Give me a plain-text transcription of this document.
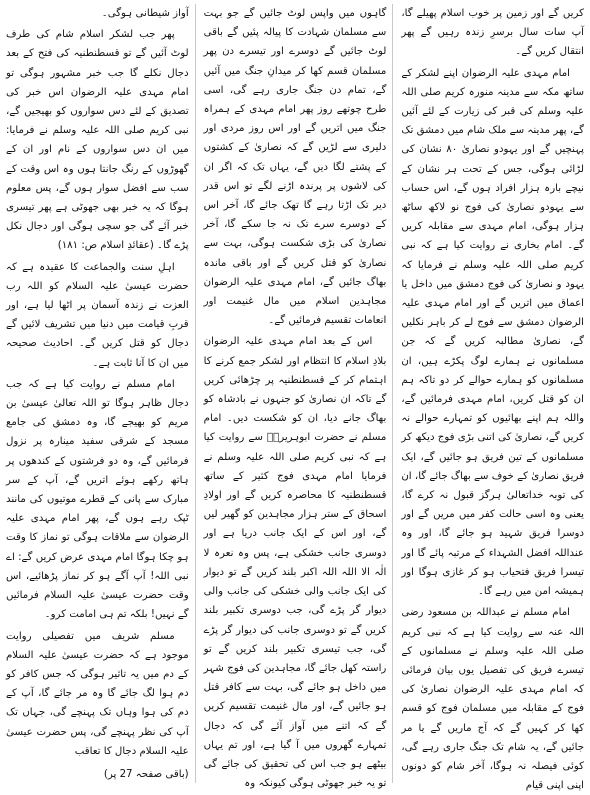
کریں گے اور زمین پر خوب اسلام پھیلے گا، آپ سات سال برسرِ زندہ رہیں گے پھر انتقال کریں گے۔

امام مہدی علیہ الرضوان اپنے لشکر کے ساتھ مکہ سے مدینہ منورہ کریم صلی اللہ علیہ وسلم کی قبر کی زیارت کے لئے آئیں گے، پھر مدینہ سے ملک شام میں دمشق تک پہنچیں گے اور یہودو نصاریٰ ۸۰ نشان کی لڑائی ہوگی، جس کے تحت ہر نشان کے نیچے بارہ ہزار افراد ہوں گے، اس حساب سے یہودو نصاریٰ کی فوج نو لاکھ ساٹھ ہزار ہوگی، امام مہدی سے مقابلہ کریں گے۔ امام بخاری نے روایت کیا ہے کہ نبی کریم صلی اللہ علیہ وسلم نے فرمایا کہ یہود و نصاریٰ کی فوج دمشق میں داخل یا اعماق میں اتریں گے اور امام مہدی علیہ الرضوان دمشق سے فوج لے کر باہر نکلیں گے، نصاریٰ مطالبہ کریں گے کہ جن مسلمانوں نے ہمارے لوگ پکڑے ہیں، ان مسلمانوں کو ہمارے حوالے کر دو تاکہ ہم ان کو قتل کریں، امام مہدی فرمائیں گے، واللہ ہم اپنے بھائیوں کو تمہارے حوالے نہ کریں گے، نصاریٰ کی اتنی بڑی فوج دیکھ کر مسلمانوں کے تین فریق ہو جائیں گے، ایک فریق نصاریٰ کے خوف سے بھاگ جائے گا، ان کی توبہ خداتعالیٰ ہرگز قبول نہ کرے گا، یعنی وہ اسی حالت کفر میں مریں گے اور دوسرا فریق شہید ہو جائے گا، اور وہ عنداللہ افضل الشہداء کے مرتبہ پائے گا اور تیسرا فریق فتحیاب ہو کر غازی ہوگا اور ہمیشہ امن میں رہے گا۔

امام مسلم نے عبداللہ بن مسعود رضی اللہ عنہ سے روایت کیا ہے کہ نبی کریم صلی اللہ علیہ وسلم نے مسلمانوں کے تیسرے فریق کی تفصیل یوں بیان فرمائی کہ امام مہدی علیہ الرضوان نصاریٰ کی فوج کے مقابلہ میں مسلمان فوج کو قسم کھا کر کہیں گے کہ آج ماریں گے یا مر جائیں گے، یہ شام تک جنگ جاری رہے گی، کوئی فیصلہ نہ ہوگا، آخر شام کو دونوں اپنی اپنی قیام

گاہوں میں واپس لوٹ جائیں گے جو بہت سے مسلمان شہادت کا پیالہ پئیں گے باقی لوٹ جائیں گے دوسرے اور تیسرے دن پھر مسلمان قسم کھا کر میدانِ جنگ میں آئیں گے، تمام دن جنگ جاری رہے گی، اسی طرح چوتھے روز پھر امام مہدی کے ہمراہ جنگ میں اتریں گے اور اس روز مردی اور دلیری سے لڑیں گے کہ نصاریٰ کے کشتوں کے پشتے لگا دیں گے، یہاں تک کہ اگر ان کی لاشوں پر پرندہ اڑنے لگے تو اس قدر دیر تک اڑتا رہے گا تھک جائے گا، آخر اس کے دوسرے سرے تک نہ جا سکے گا، آخر نصاریٰ کی بڑی شکست ہوگی، بہت سے نصاریٰ کو قتل کریں گے اور باقی ماندہ بھاگ جائیں گے، امام مہدی علیہ الرضوان مجاہدین اسلام میں مال غنیمت اور انعامات تقسیم فرمائیں گے۔

اس کے بعد امام مہدی علیہ الرضوان بلادِ اسلام کا انتظام اور لشکر جمع کرنے کا اہتمام کر کے قسطنطنیہ پر چڑھائی کریں گے تاکہ ان نصاریٰ کو جنہوں نے بادشاہ کو بھاگ جانے دیا، ان کو شکست دیں۔ امام مسلم نے حضرت ابوہریرہؓ سے روایت کیا ہے کہ نبی کریم صلی اللہ علیہ وسلم نے فرمایا امام مہدی فوج کثیر کے ساتھ قسطنطنیہ کا محاصرہ کریں گے اور اولادِ اسحاق کے ستر ہزار مجاہدین کو گھیر لیں گے، اور اس کے ایک جانب دریا ہے اور دوسری جانب خشکی ہے، پس وہ نعرہ لا الٰہ الا اللہ اللہ اکبر بلند کریں گے تو دیوار کی ایک جانب والی خشکی کی جانب والی دیوار گر پڑے گی، جب دوسری تکبیر بلند کریں گے تو دوسری جانب کی دیوار گر پڑے گی، جب تیسری تکبیر بلند کریں گے تو راستہ کھل جائے گا، مجاہدین کی فوج شہر میں داخل ہو جائے گی، بہت سے کافر قتل ہو جائیں گے، اور مال غنیمت تقسیم کریں گے کہ اتنے میں آواز آئے گی کہ دجال تمہارے گھروں میں آ گیا ہے، اور تم یہاں بیٹھے ہو جب اس کی تحقیق کی جائے گی تو یہ خبر جھوٹی ہوگی کیونکہ وہ

آواز شیطانی ہوگی۔

پھر جب لشکر اسلام شام کی طرف لوٹ آئیں گے تو قسطنطنیہ کی فتح کے بعد دجال نکلے گا جب خبر مشہور ہوگی تو امام مہدی علیہ الرضوان اس خبر کی تصدیق کے لئے دس سواروں کو بھیجیں گے، نبی کریم صلی اللہ علیہ وسلم نے فرمایا: میں ان دس سواروں کے نام اور ان کے گھوڑوں کے رنگ جانتا ہوں وہ اس وقت کے سب سے افضل سوار ہوں گے، پس معلوم ہوگا کہ یہ خبر بھی جھوٹی ہے پھر تیسری خبر آئے گی جو سچی ہوگی اور دجال نکل پڑے گا۔ (عقائدِ اسلام ص: ۱۸۱)

اہلِ سنت والجماعت کا عقیدہ ہے کہ حضرت عیسیٰ علیہ السلام کو اللہ رب العزت نے زندہ آسمان پر اٹھا لیا ہے، اور قربِ قیامت میں دنیا میں تشریف لائیں گے دجال کو قتل کریں گے۔ احادیث صحیحہ میں ان کا آنا ثابت ہے۔

امام مسلم نے روایت کیا ہے کہ جب دجال ظاہر ہوگا تو اللہ تعالیٰ عیسیٰ بن مریم کو بھیجے گا، وہ دمشق کی جامع مسجد کے شرقی سفید مینارہ پر نزول فرمائیں گے، وہ دو فرشتوں کے کندھوں پر ہاتھ رکھے ہوئے اتریں گے، آپ کے سر مبارک سے پانی کے قطرے موتیوں کی مانند ٹپک رہے ہوں گے، پھر امام مہدی علیہ الرضوان سے ملاقات ہوگی تو نماز کا وقت ہو چکا ہوگا امام مہدی عرض کریں گے: اے نبی اللہ! آپ آگے ہو کر نماز پڑھائیے، اس وقت حضرت عیسیٰ علیہ السلام فرمائیں گے نہیں! بلکہ تم ہی امامت کرو۔

مسلم شریف میں تفصیلی روایت موجود ہے کہ حضرت عیسیٰ علیہ السلام کے دم میں یہ تاثیر ہوگی کہ جس کافر کو دم ہوا لگ جائے گا وہ مر جائے گا، آپ کے دم کی ہوا وہاں تک پہنچے گی، جہاں تک آپ کی نظر پہنچے گی، پس حضرت عیسیٰ علیہ السلام دجال کا تعاقب

(باقی صفحہ 27 پر)
